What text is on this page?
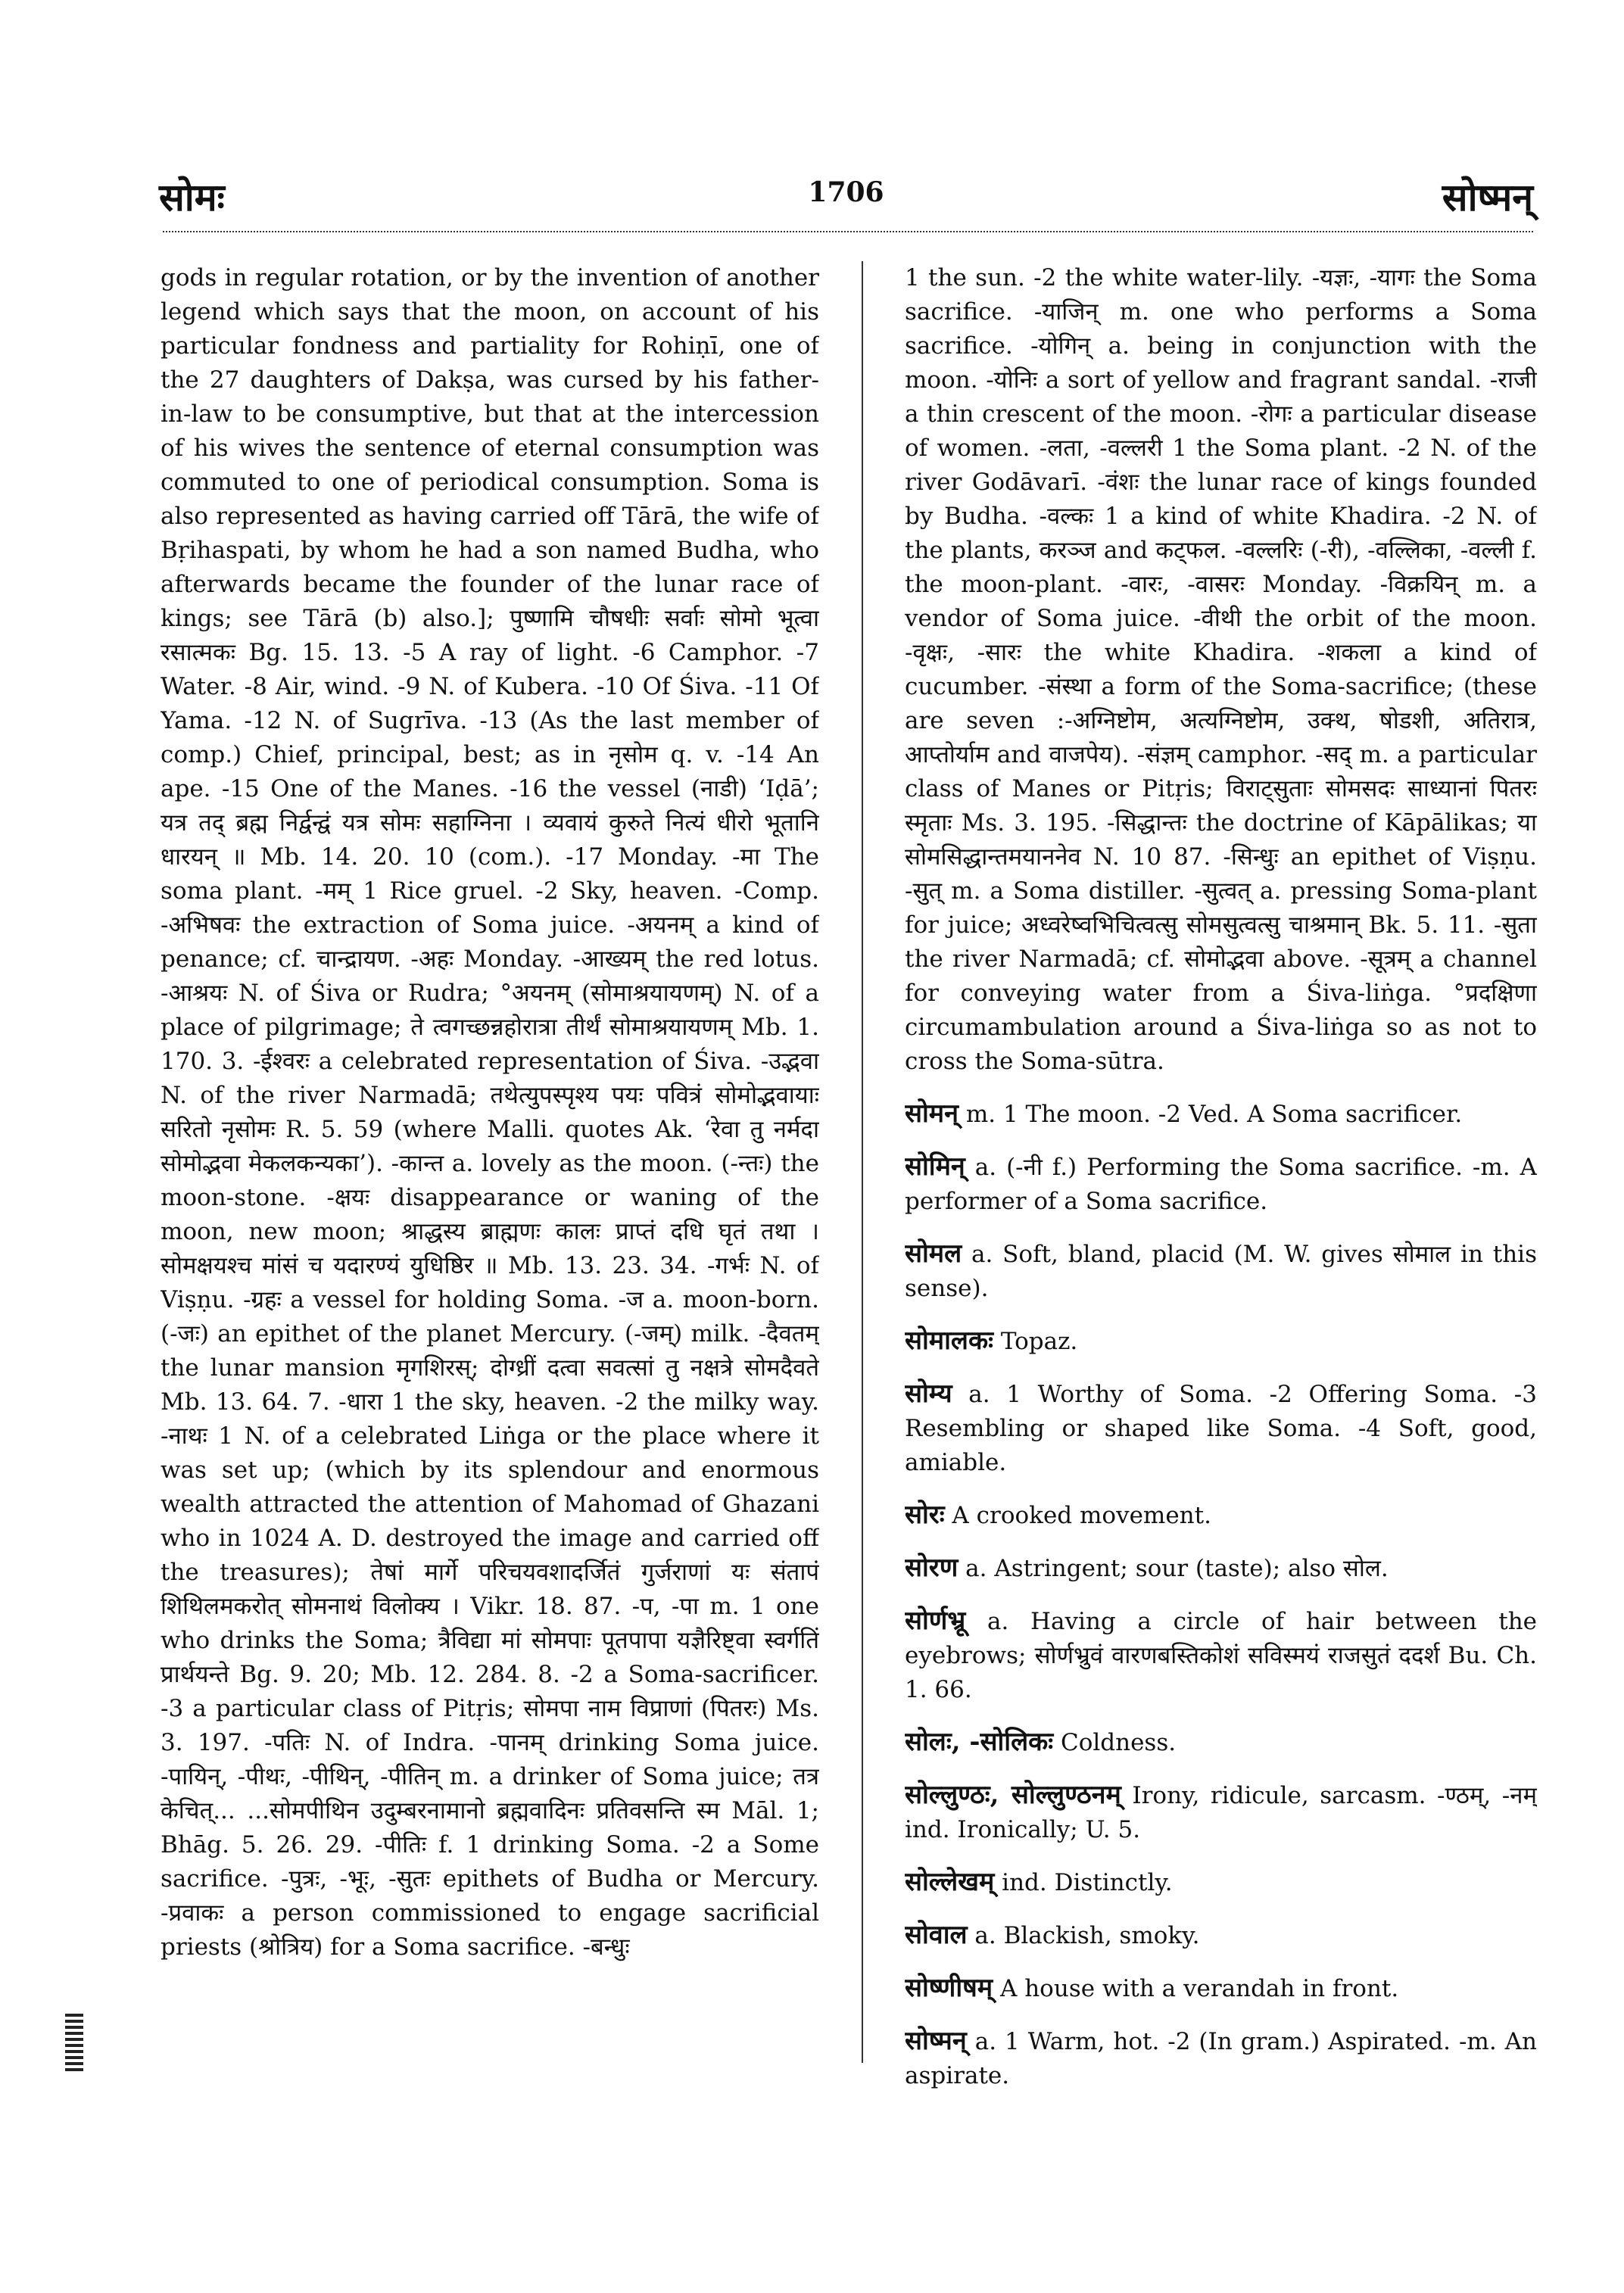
सोमः	1706	सोष्मन्

gods in regular rotation, or by the invention of another legend which says that the moon, on account of his particular fondness and partiality for Rohiṇī, one of the 27 daughters of Dakṣa, was cursed by his father-in-law to be consumptive, but that at the intercession of his wives the sentence of eternal consumption was commuted to one of periodical consumption. Soma is also represented as having carried off Tārā, the wife of Bṛihaspati, by whom he had a son named Budha, who afterwards became the founder of the lunar race of kings; see Tārā (b) also.]; पुष्णामि चौषधीः सर्वाः सोमो भूत्वा रसात्मकः Bg. 15. 13. -5 A ray of light. -6 Camphor. -7 Water. -8 Air, wind. -9 N. of Kubera. -10 Of Śiva. -11 Of Yama. -12 N. of Sugrīva. -13 (As the last member of comp.) Chief, principal, best; as in नृसोम q. v. -14 An ape. -15 One of the Manes. -16 the vessel (नाडी) ‘Iḍā’; यत्र तद् ब्रह्म निर्द्वन्द्वं यत्र सोमः सहाग्निना । व्यवायं कुरुते नित्यं धीरो भूतानि धारयन् ॥ Mb. 14. 20. 10 (com.). -17 Monday. -मा The soma plant. -मम् 1 Rice gruel. -2 Sky, heaven. -Comp. -अभिषवः the extraction of Soma juice. -अयनम् a kind of penance; cf. चान्द्रायण. -अहः Monday. -आख्यम् the red lotus. -आश्रयः N. of Śiva or Rudra; °अयनम् (सोमाश्रयायणम्) N. of a place of pilgrimage; ते त्वगच्छन्नहोरात्रा तीर्थं सोमाश्रयायणम् Mb. 1. 170. 3. -ईश्वरः a celebrated representation of Śiva. -उद्भवा N. of the river Narmadā; तथेत्युपस्पृश्य पयः पवित्रं सोमोद्भवायाः सरितो नृसोमः R. 5. 59 (where Malli. quotes Ak. ‘रेवा तु नर्मदा सोमोद्भवा मेकलकन्यका’). -कान्त a. lovely as the moon. (-न्तः) the moon-stone. -क्षयः disappearance or waning of the moon, new moon; श्राद्धस्य ब्राह्मणः कालः प्राप्तं दधि घृतं तथा । सोमक्षयश्च मांसं च यदारण्यं युधिष्ठिर ॥ Mb. 13. 23. 34. -गर्भः N. of Viṣṇu. -ग्रहः a vessel for holding Soma. -ज a. moon-born. (-जः) an epithet of the planet Mercury. (-जम्) milk. -दैवतम् the lunar mansion मृगशिरस्; दोग्ध्रीं दत्वा सवत्सां तु नक्षत्रे सोमदैवते Mb. 13. 64. 7. -धारा 1 the sky, heaven. -2 the milky way. -नाथः 1 N. of a celebrated Liṅga or the place where it was set up; (which by its splendour and enormous wealth attracted the attention of Mahomad of Ghazani who in 1024 A. D. destroyed the image and carried off the treasures); तेषां मार्गे परिचयवशादर्जितं गुर्जराणां यः संतापं शिथिलमकरोत् सोमनाथं विलोक्य । Vikr. 18. 87. -प, -पा m. 1 one who drinks the Soma; त्रैविद्या मां सोमपाः पूतपापा यज्ञैरिष्ट्वा स्वर्गतिं प्रार्थयन्ते Bg. 9. 20; Mb. 12. 284. 8. -2 a Soma-sacrificer. -3 a particular class of Pitṛis; सोमपा नाम विप्राणां (पितरः) Ms. 3. 197. -पतिः N. of Indra. -पानम् drinking Soma juice. -पायिन्, -पीथः, -पीथिन्, -पीतिन् m. a drinker of Soma juice; तत्र केचित्... ...सोमपीथिन उदुम्बरनामानो ब्रह्मवादिनः प्रतिवसन्ति स्म Māl. 1; Bhāg. 5. 26. 29. -पीतिः f. 1 drinking Soma. -2 a Some sacrifice. -पुत्रः, -भूः, -सुतः epithets of Budha or Mercury. -प्रवाकः a person commissioned to engage sacrificial priests (श्रोत्रिय) for a Soma sacrifice. -बन्धुः

1 the sun. -2 the white water-lily. -यज्ञः, -यागः the Soma sacrifice. -याजिन् m. one who performs a Soma sacrifice. -योगिन् a. being in conjunction with the moon. -योनिः a sort of yellow and fragrant sandal. -राजी a thin crescent of the moon. -रोगः a particular disease of women. -लता, -वल्लरी 1 the Soma plant. -2 N. of the river Godāvarī. -वंशः the lunar race of kings founded by Budha. -वल्कः 1 a kind of white Khadira. -2 N. of the plants, करञ्ज and कट्फल. -वल्लरिः (-री), -वल्लिका, -वल्ली f. the moon-plant. -वारः, -वासरः Monday. -विक्रयिन् m. a vendor of Soma juice. -वीथी the orbit of the moon. -वृक्षः, -सारः the white Khadira. -शकला a kind of cucumber. -संस्था a form of the Soma-sacrifice; (these are seven :-अग्निष्टोम, अत्यग्निष्टोम, उक्थ, षोडशी, अतिरात्र, आप्तोर्याम and वाजपेय). -संज्ञम् camphor. -सद् m. a particular class of Manes or Pitṛis; विराट्सुताः सोमसदः साध्यानां पितरः स्मृताः Ms. 3. 195. -सिद्धान्तः the doctrine of Kāpālikas; या सोमसिद्धान्तमयाननेव N. 10 87. -सिन्धुः an epithet of Viṣṇu. -सुत् m. a Soma distiller. -सुत्वत् a. pressing Soma-plant for juice; अध्वरेष्वभिचित्वत्सु सोमसुत्वत्सु चाश्रमान् Bk. 5. 11. -सुता the river Narmadā; cf. सोमोद्भवा above. -सूत्रम् a channel for conveying water from a Śiva-liṅga. °प्रदक्षिणा circumambulation around a Śiva-liṅga so as not to cross the Soma-sūtra.

सोमन् m. 1 The moon. -2 Ved. A Soma sacrificer.

सोमिन् a. (-नी f.) Performing the Soma sacrifice. -m. A performer of a Soma sacrifice.

सोमल a. Soft, bland, placid (M. W. gives सोमाल in this sense).

सोमालकः Topaz.

सोम्य a. 1 Worthy of Soma. -2 Offering Soma. -3 Resembling or shaped like Soma. -4 Soft, good, amiable.

सोरः A crooked movement.

सोरण a. Astringent; sour (taste); also सोल.

सोर्णभ्रू a. Having a circle of hair between the eyebrows; सोर्णभ्रुवं वारणबस्तिकोशं सविस्मयं राजसुतं ददर्श Bu. Ch. 1. 66.

सोलः, -सोलिकः Coldness.

सोल्लुण्ठः, सोल्लुण्ठनम् Irony, ridicule, sarcasm. -ण्ठम्, -नम् ind. Ironically; U. 5.

सोल्लेखम् ind. Distinctly.

सोवाल a. Blackish, smoky.

सोष्णीषम् A house with a verandah in front.

सोष्मन् a. 1 Warm, hot. -2 (In gram.) Aspirated. -m. An aspirate.
